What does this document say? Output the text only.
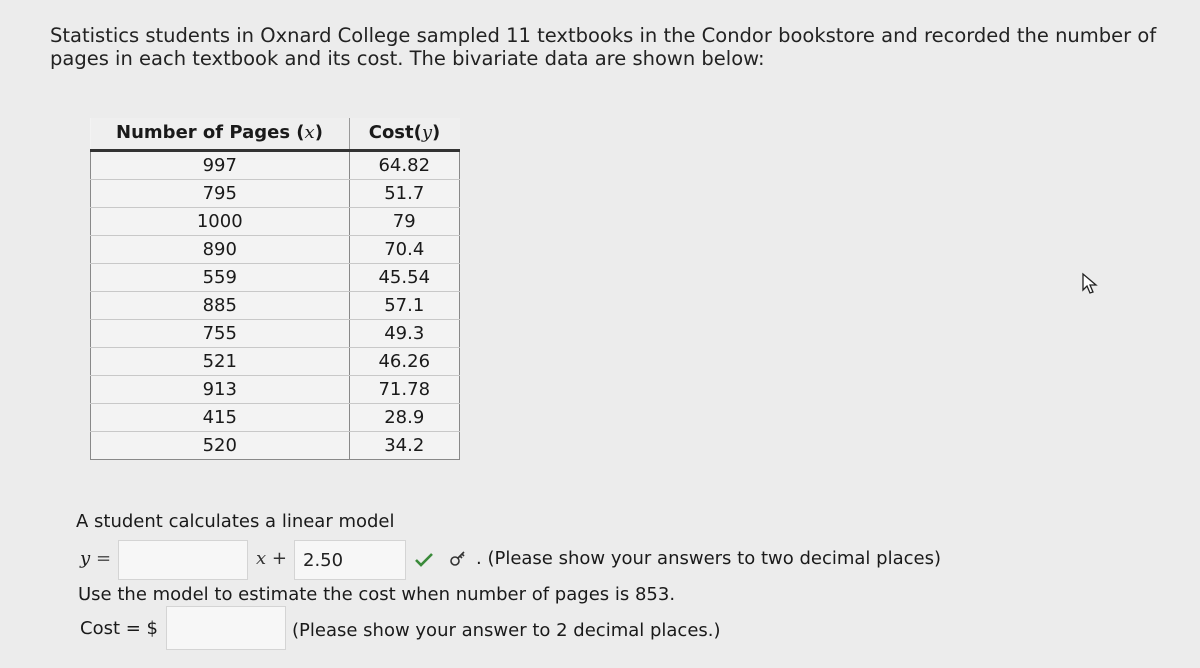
Statistics students in Oxnard College sampled 11 textbooks in the Condor bookstore and recorded the number of pages in each textbook and its cost. The bivariate data are shown below:
Number of Pages (x)	Cost(y)
997	64.82
795	51.7
1000	79
890	70.4
559	45.54
885	57.1
755	49.3
521	46.26
913	71.78
415	28.9
520	34.2
A student calculates a linear model
y =	x +
2.50	. (Please show your answers to two decimal places)
Use the model to estimate the cost when number of pages is 853.
Cost = $	(Please show your answer to 2 decimal places.)
